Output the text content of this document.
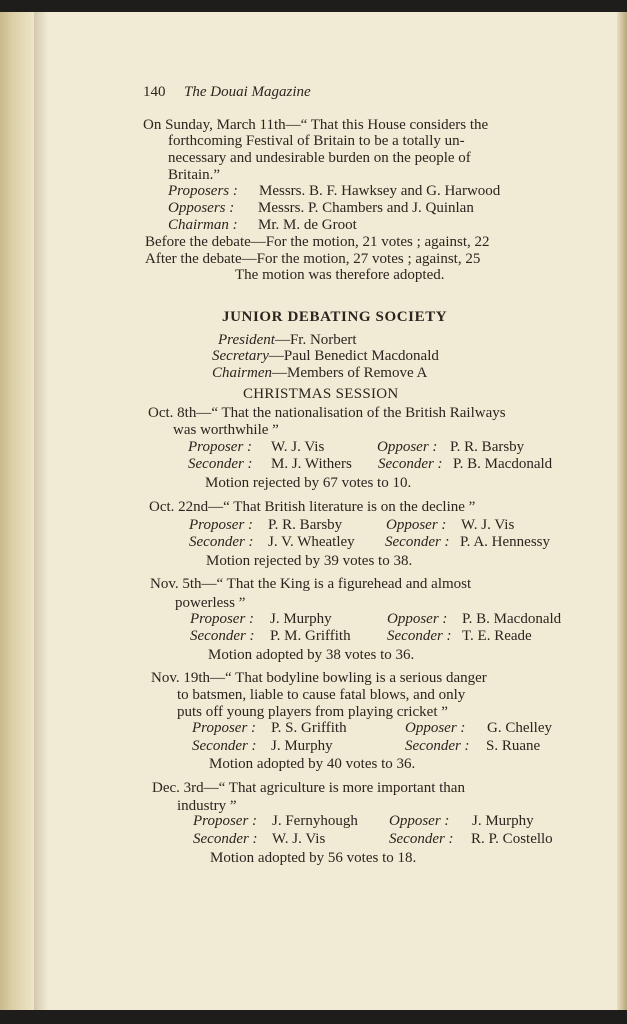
140 The Douai Magazine
On Sunday, March 11th—“ That this House considers the
forthcoming Festival of Britain to be a totally un-
necessary and undesirable burden on the people of
Britain.”
Proposers : Messrs. B. F. Hawksey and G. Harwood
Opposers : Messrs. P. Chambers and J. Quinlan
Chairman : Mr. M. de Groot
Before the debate—For the motion, 21 votes ; against, 22
After the debate—For the motion, 27 votes ; against, 25
The motion was therefore adopted.
JUNIOR DEBATING SOCIETY
President—Fr. Norbert
Secretary—Paul Benedict Macdonald
Chairmen—Members of Remove A
CHRISTMAS SESSION
Oct. 8th—“ That the nationalisation of the British Railways
was worthwhile ”
Proposer : W. J. Vis	Opposer : P. R. Barsby
Seconder : M. J. Withers Seconder : P. B. Macdonald
Motion rejected by 67 votes to 10.
Oct. 22nd—“ That British literature is on the decline ”
Proposer : P. R. Barsby	Opposer : W. J. Vis
Seconder : J. V. Wheatley Seconder : P. A. Hennessy
Motion rejected by 39 votes to 38.
Nov. 5th—“ That the King is a figurehead and almost
powerless ”
Proposer : J. Murphy	Opposer : P. B. Macdonald
Seconder : P. M. Griffith Seconder : T. E. Reade
Motion adopted by 38 votes to 36.
Nov. 19th—“ That bodyline bowling is a serious danger
to batsmen, liable to cause fatal blows, and only
puts off young players from playing cricket ”
Proposer : P. S. Griffith	Opposer : G. Chelley
Seconder : J. Murphy	Seconder : S. Ruane
Motion adopted by 40 votes to 36.
Dec. 3rd—“ That agriculture is more important than
industry ”
Proposer : J. Fernyhough Opposer : J. Murphy
Seconder : W. J. Vis	Seconder : R. P. Costello
Motion adopted by 56 votes to 18.
